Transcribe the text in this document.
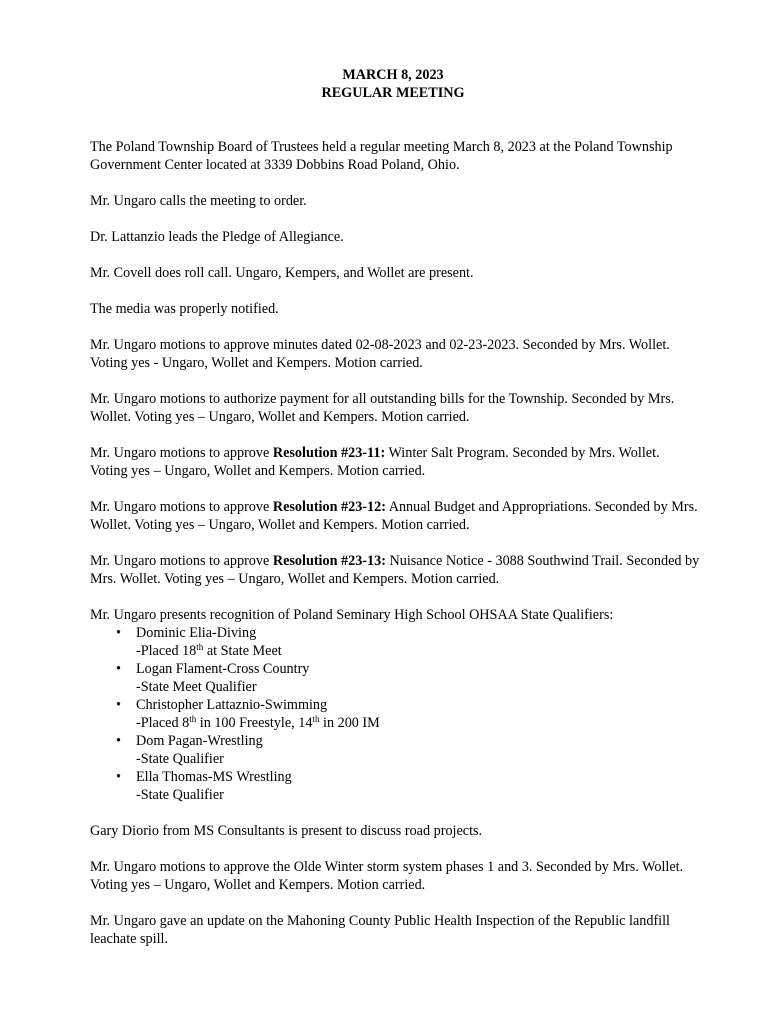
MARCH 8, 2023
REGULAR MEETING

The Poland Township Board of Trustees held a regular meeting March 8, 2023 at the Poland Township Government Center located at 3339 Dobbins Road Poland, Ohio.

Mr. Ungaro calls the meeting to order.

Dr. Lattanzio leads the Pledge of Allegiance.

Mr. Covell does roll call. Ungaro, Kempers, and Wollet are present.

The media was properly notified.

Mr. Ungaro motions to approve minutes dated 02-08-2023 and 02-23-2023. Seconded by Mrs. Wollet. Voting yes - Ungaro, Wollet and Kempers. Motion carried.

Mr. Ungaro motions to authorize payment for all outstanding bills for the Township. Seconded by Mrs. Wollet. Voting yes – Ungaro, Wollet and Kempers. Motion carried.

Mr. Ungaro motions to approve Resolution #23-11: Winter Salt Program. Seconded by Mrs. Wollet. Voting yes – Ungaro, Wollet and Kempers. Motion carried.

Mr. Ungaro motions to approve Resolution #23-12: Annual Budget and Appropriations. Seconded by Mrs. Wollet. Voting yes – Ungaro, Wollet and Kempers. Motion carried.

Mr. Ungaro motions to approve Resolution #23-13: Nuisance Notice - 3088 Southwind Trail. Seconded by Mrs. Wollet. Voting yes – Ungaro, Wollet and Kempers. Motion carried.

Mr. Ungaro presents recognition of Poland Seminary High School OHSAA State Qualifiers:
• Dominic Elia-Diving
-Placed 18th at State Meet
• Logan Flament-Cross Country
-State Meet Qualifier
• Christopher Lattaznio-Swimming
-Placed 8th in 100 Freestyle, 14th in 200 IM
• Dom Pagan-Wrestling
-State Qualifier
• Ella Thomas-MS Wrestling
-State Qualifier

Gary Diorio from MS Consultants is present to discuss road projects.

Mr. Ungaro motions to approve the Olde Winter storm system phases 1 and 3. Seconded by Mrs. Wollet. Voting yes – Ungaro, Wollet and Kempers. Motion carried.

Mr. Ungaro gave an update on the Mahoning County Public Health Inspection of the Republic landfill leachate spill.
